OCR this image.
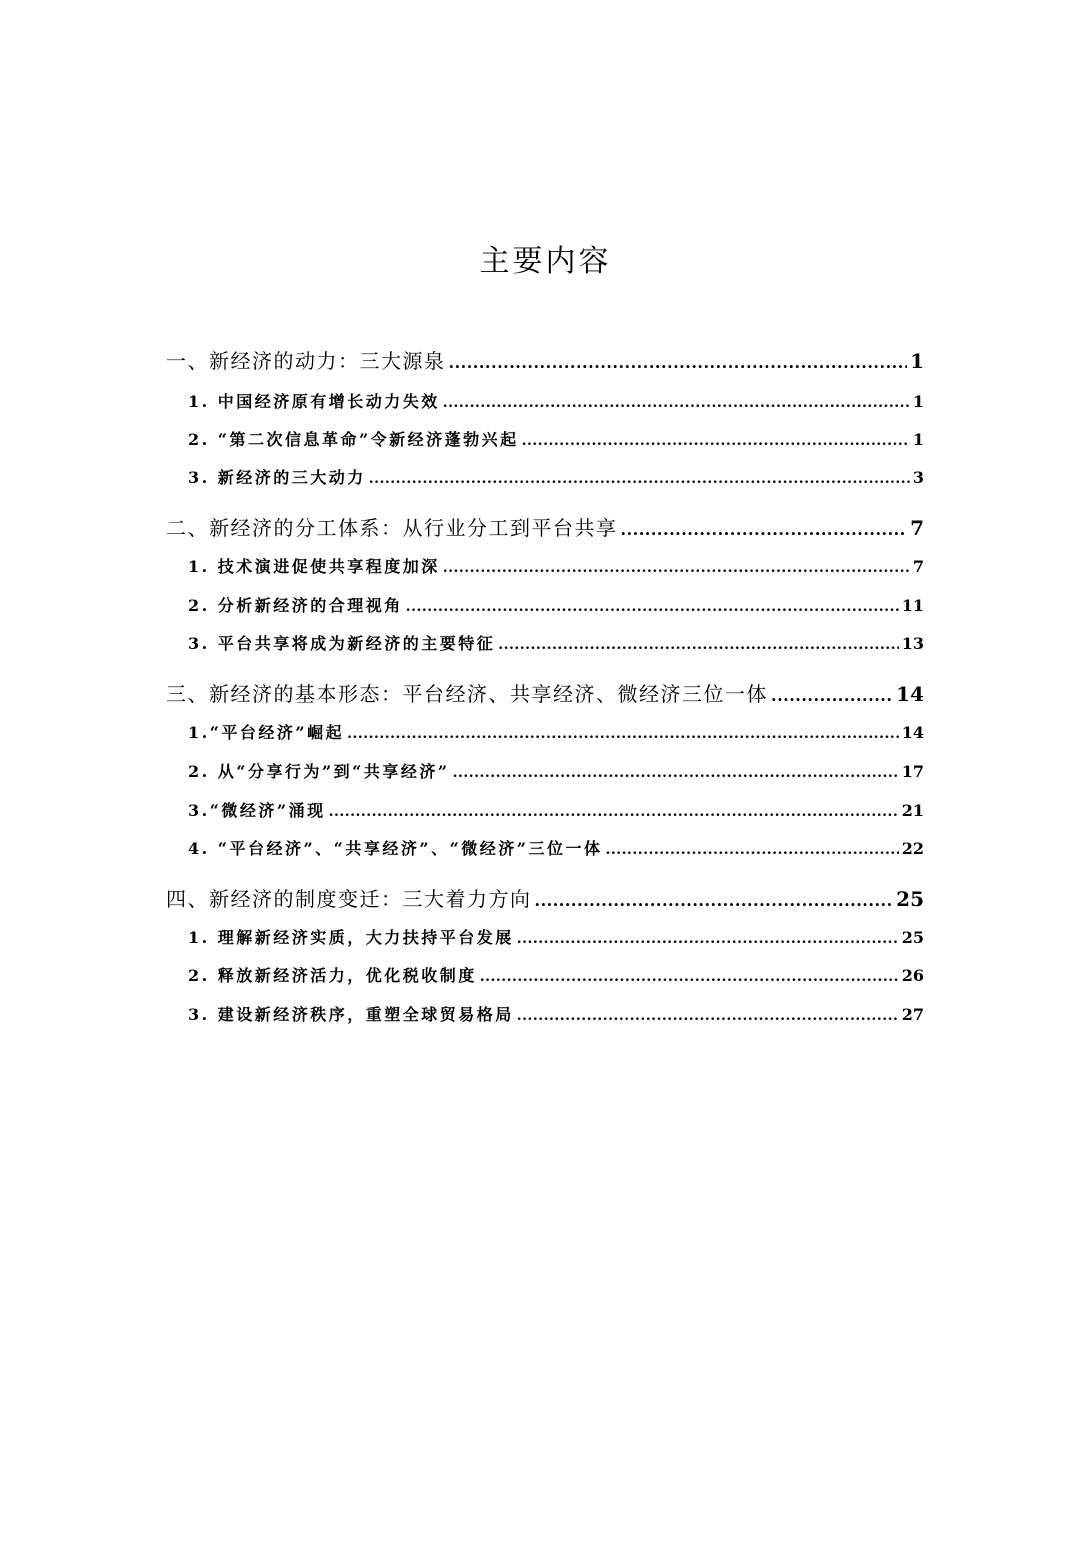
主要内容
一、新经济的动力：三大源泉 .....	1
1. 中国经济原有增长动力失效 .....	1
2. “第二次信息革命”令新经济蓬勃兴起 .....	1
3. 新经济的三大动力 .....	3
二、新经济的分工体系：从行业分工到平台共享 .....	7
1. 技术演进促使共享程度加深 .....	7
2. 分析新经济的合理视角 .....	11
3. 平台共享将成为新经济的主要特征 .....	13
三、新经济的基本形态：平台经济、共享经济、微经济三位一体 .....	14
1.“平台经济”崛起 .....	14
2. 从“分享行为”到“共享经济” .....	17
3.“微经济”涌现 .....	21
4. “平台经济”、“共享经济”、“微经济”三位一体 .....	22
四、新经济的制度变迁：三大着力方向 .....	25
1. 理解新经济实质，大力扶持平台发展 .....	25
2. 释放新经济活力，优化税收制度 .....	26
3. 建设新经济秩序，重塑全球贸易格局 .....	27
